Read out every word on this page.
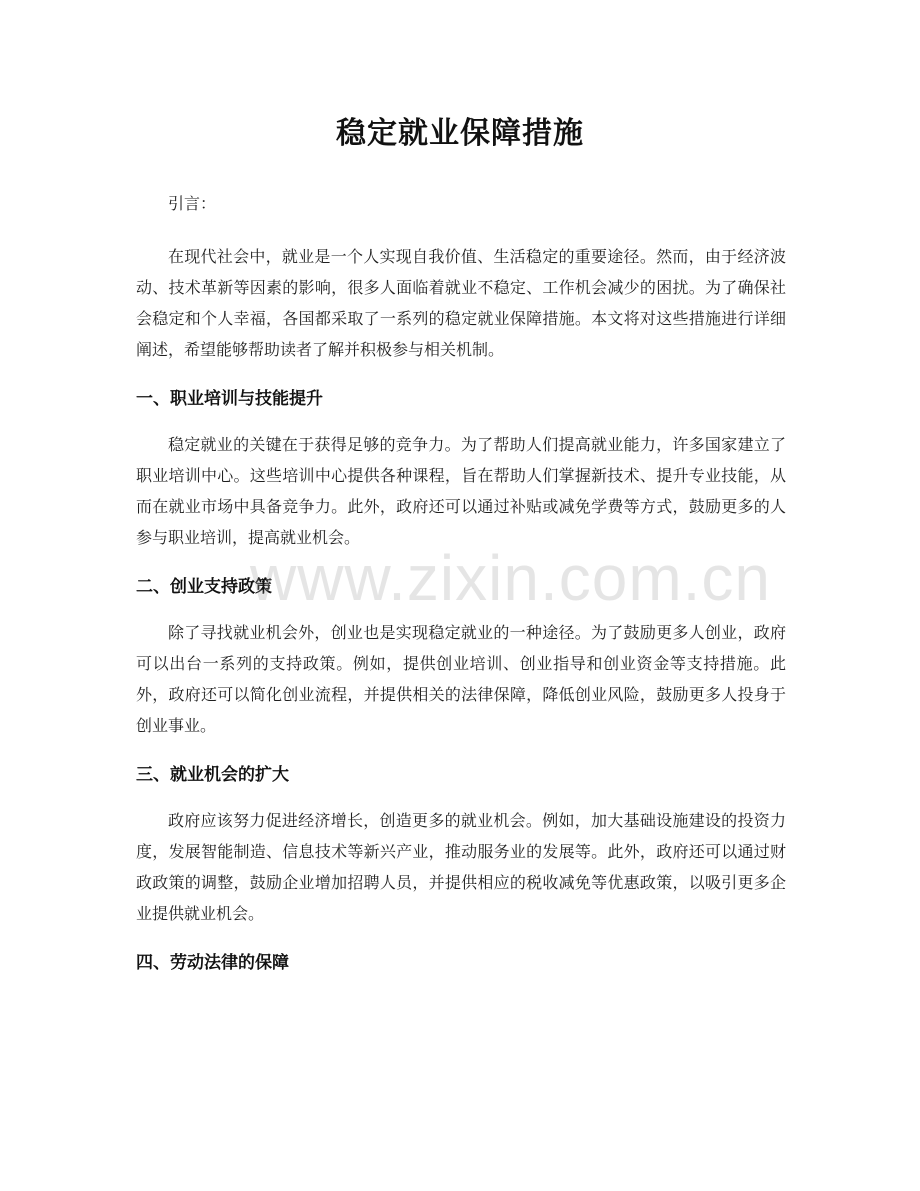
稳定就业保障措施

引言：

在现代社会中，就业是一个人实现自我价值、生活稳定的重要途径。然而，由于经济波动、技术革新等因素的影响，很多人面临着就业不稳定、工作机会减少的困扰。为了确保社会稳定和个人幸福，各国都采取了一系列的稳定就业保障措施。本文将对这些措施进行详细阐述，希望能够帮助读者了解并积极参与相关机制。

一、职业培训与技能提升

稳定就业的关键在于获得足够的竞争力。为了帮助人们提高就业能力，许多国家建立了职业培训中心。这些培训中心提供各种课程，旨在帮助人们掌握新技术、提升专业技能，从而在就业市场中具备竞争力。此外，政府还可以通过补贴或减免学费等方式，鼓励更多的人参与职业培训，提高就业机会。

二、创业支持政策

除了寻找就业机会外，创业也是实现稳定就业的一种途径。为了鼓励更多人创业，政府可以出台一系列的支持政策。例如，提供创业培训、创业指导和创业资金等支持措施。此外，政府还可以简化创业流程，并提供相关的法律保障，降低创业风险，鼓励更多人投身于创业事业。

三、就业机会的扩大

政府应该努力促进经济增长，创造更多的就业机会。例如，加大基础设施建设的投资力度，发展智能制造、信息技术等新兴产业，推动服务业的发展等。此外，政府还可以通过财政政策的调整，鼓励企业增加招聘人员，并提供相应的税收减免等优惠政策，以吸引更多企业提供就业机会。

四、劳动法律的保障
www.zixin.com.cn
